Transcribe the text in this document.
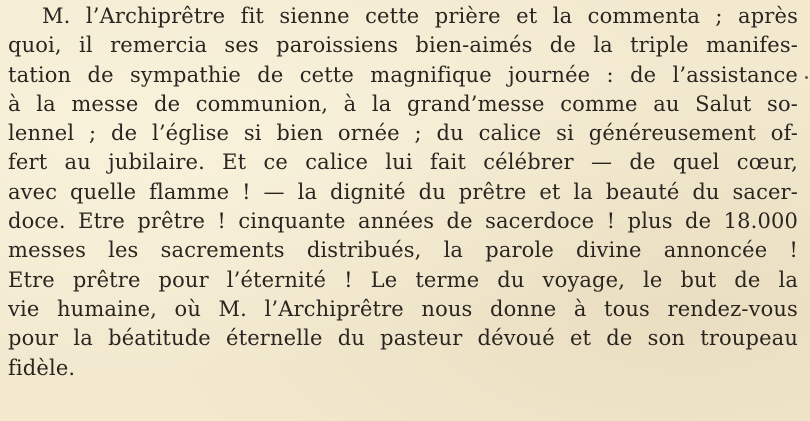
M. l’Archiprêtre fit sienne cette prière et la commenta ; après
quoi, il remercia ses paroissiens bien-aimés de la triple manifes-
tation de sympathie de cette magnifique journée : de l’assistance
à la messe de communion, à la grand’messe comme au Salut so-
lennel ; de l’église si bien ornée ; du calice si généreusement of-
fert au jubilaire. Et ce calice lui fait célébrer — de quel cœur,
avec quelle flamme ! — la dignité du prêtre et la beauté du sacer-
doce. Etre prêtre ! cinquante années de sacerdoce ! plus de 18.000
messes les sacrements distribués, la parole divine annoncée !
Etre prêtre pour l’éternité ! Le terme du voyage, le but de la
vie humaine, où M. l’Archiprêtre nous donne à tous rendez-vous
pour la béatitude éternelle du pasteur dévoué et de son troupeau
fidèle.
